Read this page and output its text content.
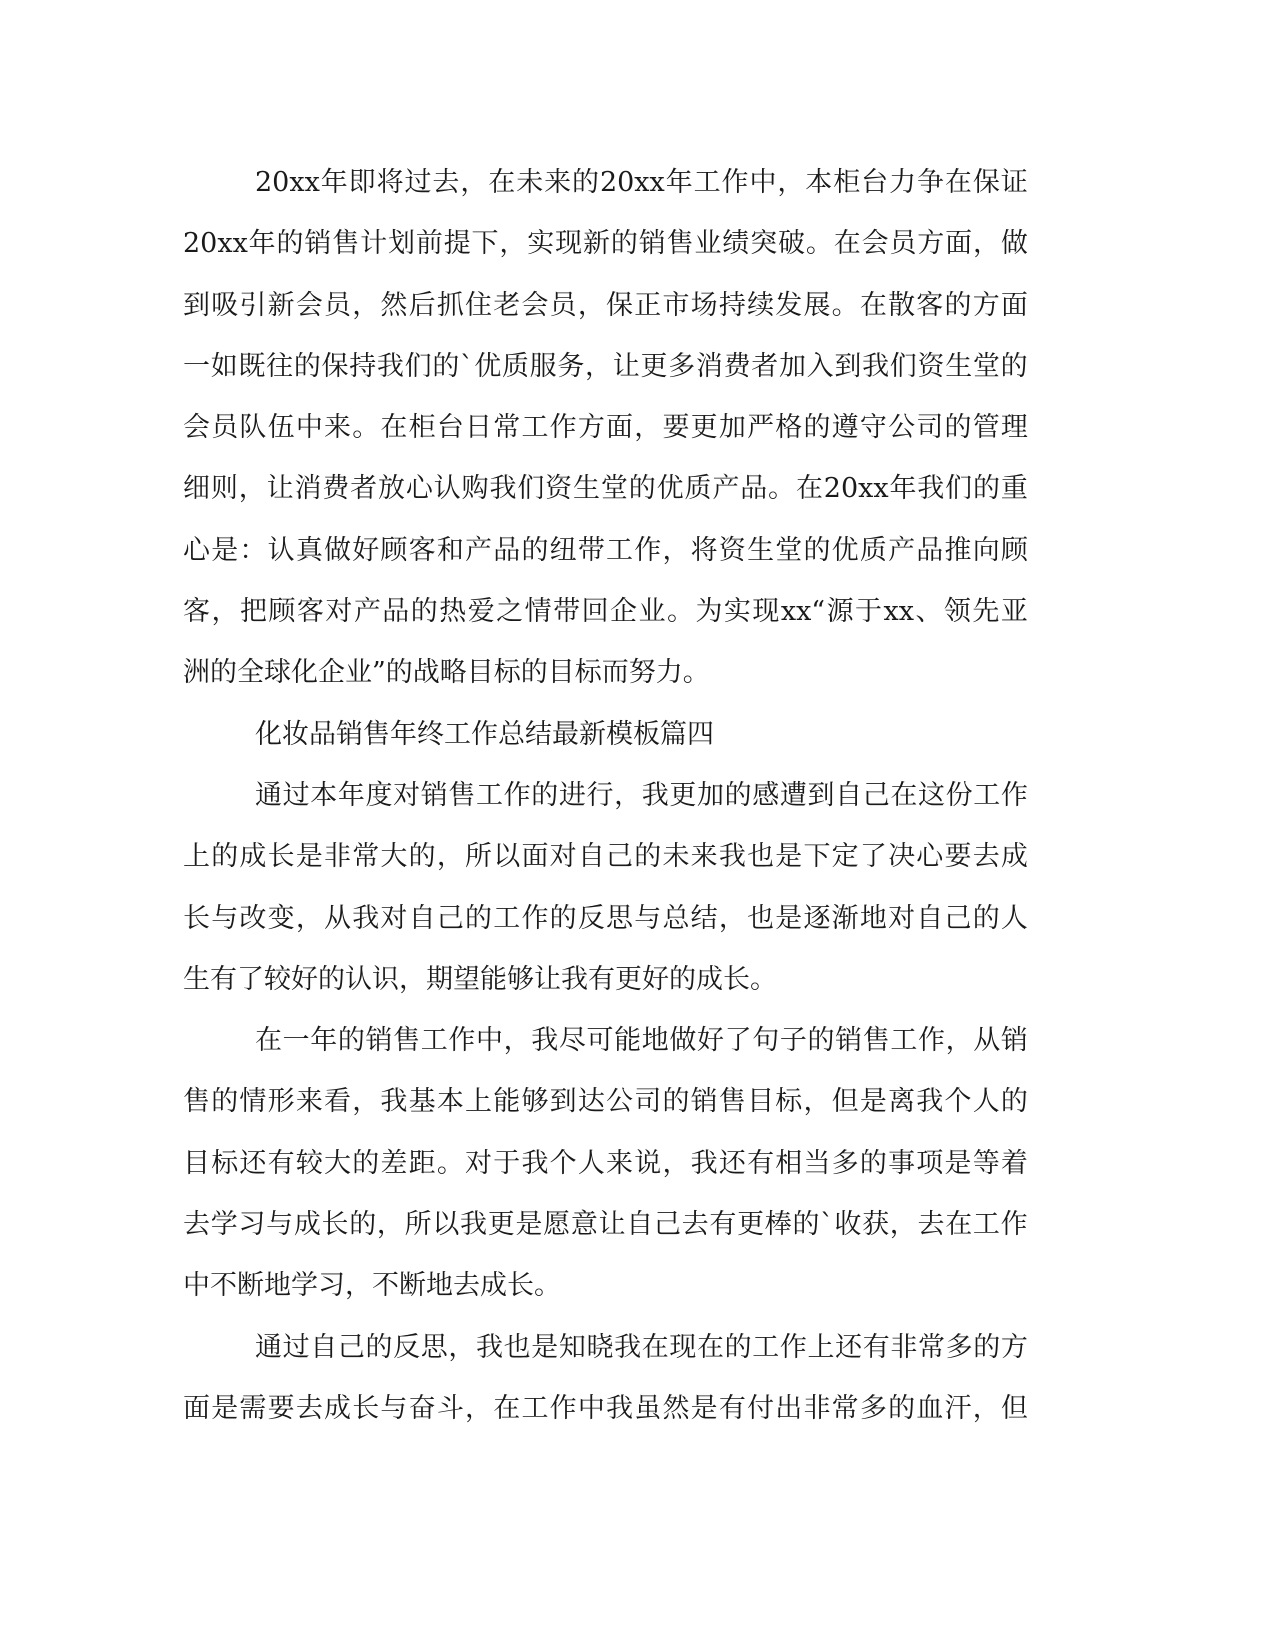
20xx 年 即 将 过 去 ， 在 未 来 的 20xx 年 工 作 中 ， 本 柜 台 力 争 在 保 证
20xx 年 的 销 售 计 划 前 提 下 ， 实 现 新 的 销 售 业 绩 突 破 。 在 会 员 方 面 ， 做
到 吸 引 新 会 员 ， 然 后 抓 住 老 会 员 ， 保 正 市 场 持 续 发 展 。 在 散 客 的 方 面
一 如 既 往 的 保 持 我 们 的 ` 优 质 服 务 ， 让 更 多 消 费 者 加 入 到 我 们 资 生 堂 的
会 员 队 伍 中 来 。 在 柜 台 日 常 工 作 方 面 ， 要 更 加 严 格 的 遵 守 公 司 的 管 理
细 则 ， 让 消 费 者 放 心 认 购 我 们 资 生 堂 的 优 质 产 品 。 在 20xx 年 我 们 的 重
心 是 ： 认 真 做 好 顾 客 和 产 品 的 纽 带 工 作 ， 将 资 生 堂 的 优 质 产 品 推 向 顾
客 ， 把 顾 客 对 产 品 的 热 爱 之 情 带 回 企 业 。 为 实 现 xx“ 源 于 xx 、 领 先 亚
洲的全球化企业”的战略目标的目标而努力。
化妆品销售年终工作总结最新模板篇四
通 过 本 年 度 对 销 售 工 作 的 进 行 ， 我 更 加 的 感 遭 到 自 己 在 这 份 工 作
上 的 成 长 是 非 常 大 的 ， 所 以 面 对 自 己 的 未 来 我 也 是 下 定 了 决 心 要 去 成
长 与 改 变 ， 从 我 对 自 己 的 工 作 的 反 思 与 总 结 ， 也 是 逐 渐 地 对 自 己 的 人
生有了较好的认识，期望能够让我有更好的成长。
在 一 年 的 销 售 工 作 中 ， 我 尽 可 能 地 做 好 了 句 子 的 销 售 工 作 ， 从 销
售 的 情 形 来 看 ， 我 基 本 上 能 够 到 达 公 司 的 销 售 目 标 ， 但 是 离 我 个 人 的
目 标 还 有 较 大 的 差 距 。 对 于 我 个 人 来 说 ， 我 还 有 相 当 多 的 事 项 是 等 着
去 学 习 与 成 长 的 ， 所 以 我 更 是 愿 意 让 自 己 去 有 更 棒 的 ` 收 获 ， 去 在 工 作
中不断地学习，不断地去成长。
通 过 自 己 的 反 思 ， 我 也 是 知 晓 我 在 现 在 的 工 作 上 还 有 非 常 多 的 方
面 是 需 要 去 成 长 与 奋 斗 ， 在 工 作 中 我 虽 然 是 有 付 出 非 常 多 的 血 汗 ， 但
